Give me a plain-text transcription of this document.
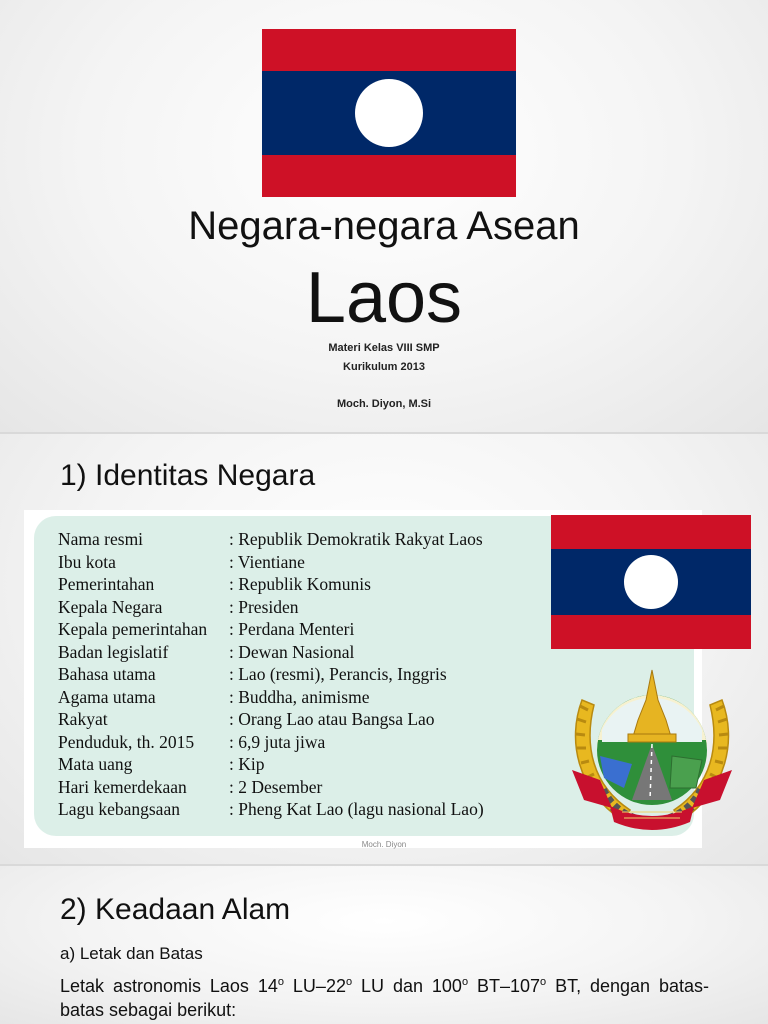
Negara-negara Asean
Laos
Materi Kelas VIII SMP
Kurikulum 2013
Moch. Diyon, M.Si
1) Identitas Negara
Nama resmi	: Republik Demokratik Rakyat Laos
Ibu kota	: Vientiane
Pemerintahan	: Republik Komunis
Kepala Negara	: Presiden
Kepala pemerintahan : Perdana Menteri
Badan legislatif	: Dewan Nasional
Bahasa utama	: Lao (resmi), Perancis, Inggris
Agama utama	: Buddha, animisme
Rakyat	: Orang Lao atau Bangsa Lao
Penduduk, th. 2015 : 6,9 juta jiwa
Mata uang	: Kip
Hari kemerdekaan : 2 Desember
Lagu kebangsaan	: Pheng Kat Lao (lagu nasional Lao)
Moch. Diyon
2) Keadaan Alam
a) Letak dan Batas
Letak astronomis Laos 14$^o$ LU–22$^o$ LU dan 100$^o$ BT–107$^o$ BT, dengan batas-batas sebagai berikut:
